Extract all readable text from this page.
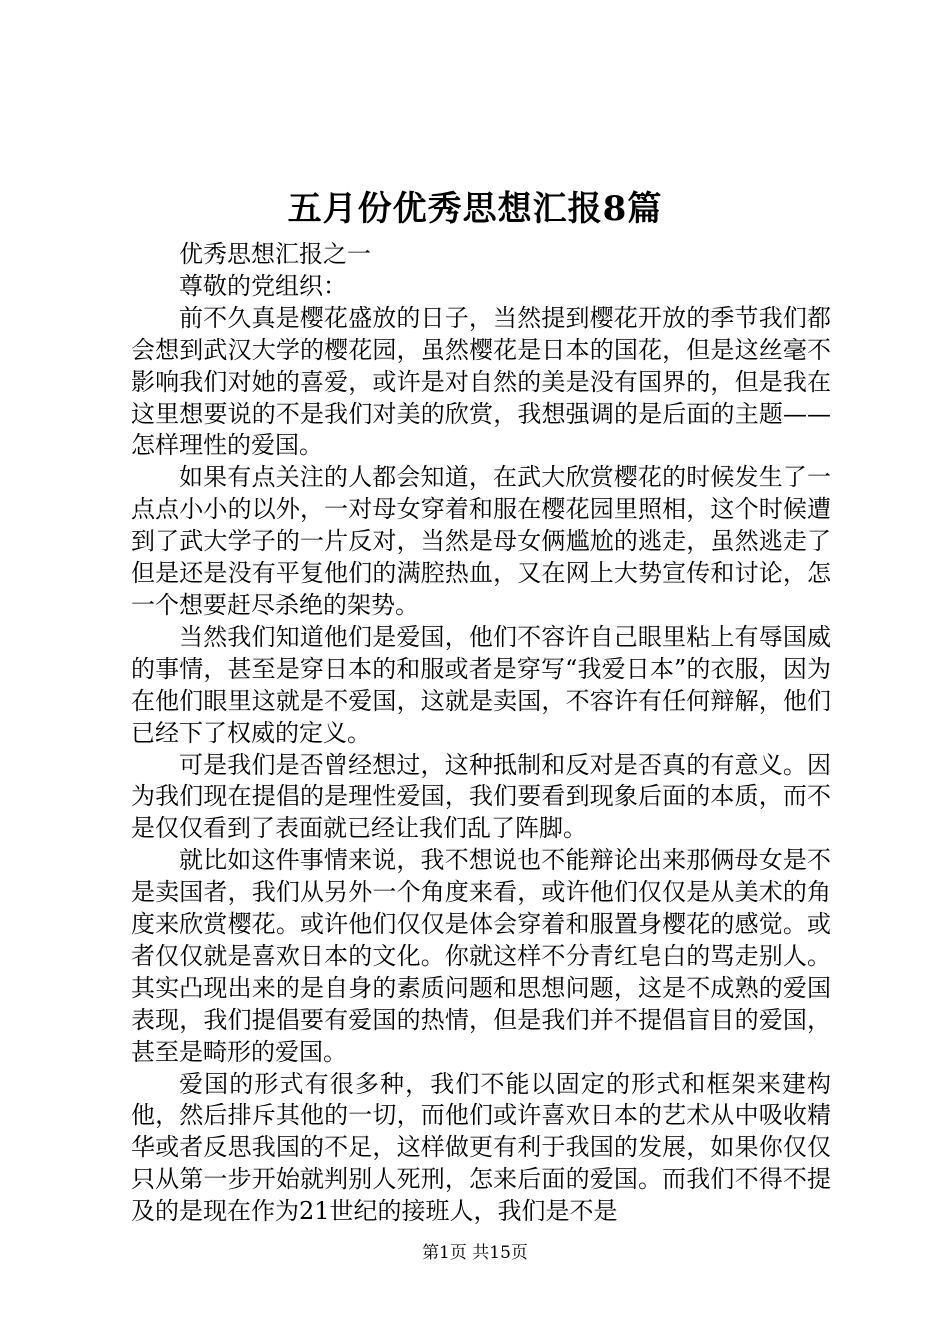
五月份优秀思想汇报8篇

优秀思想汇报之一

尊敬的党组织：

前不久真是樱花盛放的日子，当然提到樱花开放的季节我们都会想到武汉大学的樱花园，虽然樱花是日本的国花，但是这丝毫不影响我们对她的喜爱，或许是对自然的美是没有国界的，但是我在这里想要说的不是我们对美的欣赏，我想强调的是后面的主题——怎样理性的爱国。

如果有点关注的人都会知道，在武大欣赏樱花的时候发生了一点点小小的以外，一对母女穿着和服在樱花园里照相，这个时候遭到了武大学子的一片反对，当然是母女俩尴尬的逃走，虽然逃走了但是还是没有平复他们的满腔热血，又在网上大势宣传和讨论，怎一个想要赶尽杀绝的架势。

当然我们知道他们是爱国，他们不容许自己眼里粘上有辱国威的事情，甚至是穿日本的和服或者是穿写“我爱日本”的衣服，因为在他们眼里这就是不爱国，这就是卖国，不容许有任何辩解，他们已经下了权威的定义。

可是我们是否曾经想过，这种抵制和反对是否真的有意义。因为我们现在提倡的是理性爱国，我们要看到现象后面的本质，而不是仅仅看到了表面就已经让我们乱了阵脚。

就比如这件事情来说，我不想说也不能辩论出来那俩母女是不是卖国者，我们从另外一个角度来看，或许他们仅仅是从美术的角度来欣赏樱花。或许他们仅仅是体会穿着和服置身樱花的感觉。或者仅仅就是喜欢日本的文化。你就这样不分青红皂白的骂走别人。其实凸现出来的是自身的素质问题和思想问题，这是不成熟的爱国表现，我们提倡要有爱国的热情，但是我们并不提倡盲目的爱国，甚至是畸形的爱国。

爱国的形式有很多种，我们不能以固定的形式和框架来建构他，然后排斥其他的一切，而他们或许喜欢日本的艺术从中吸收精华或者反思我国的不足，这样做更有利于我国的发展，如果你仅仅只从第一步开始就判别人死刑，怎来后面的爱国。而我们不得不提及的是现在作为21世纪的接班人，我们是不是

第1页 共15页
